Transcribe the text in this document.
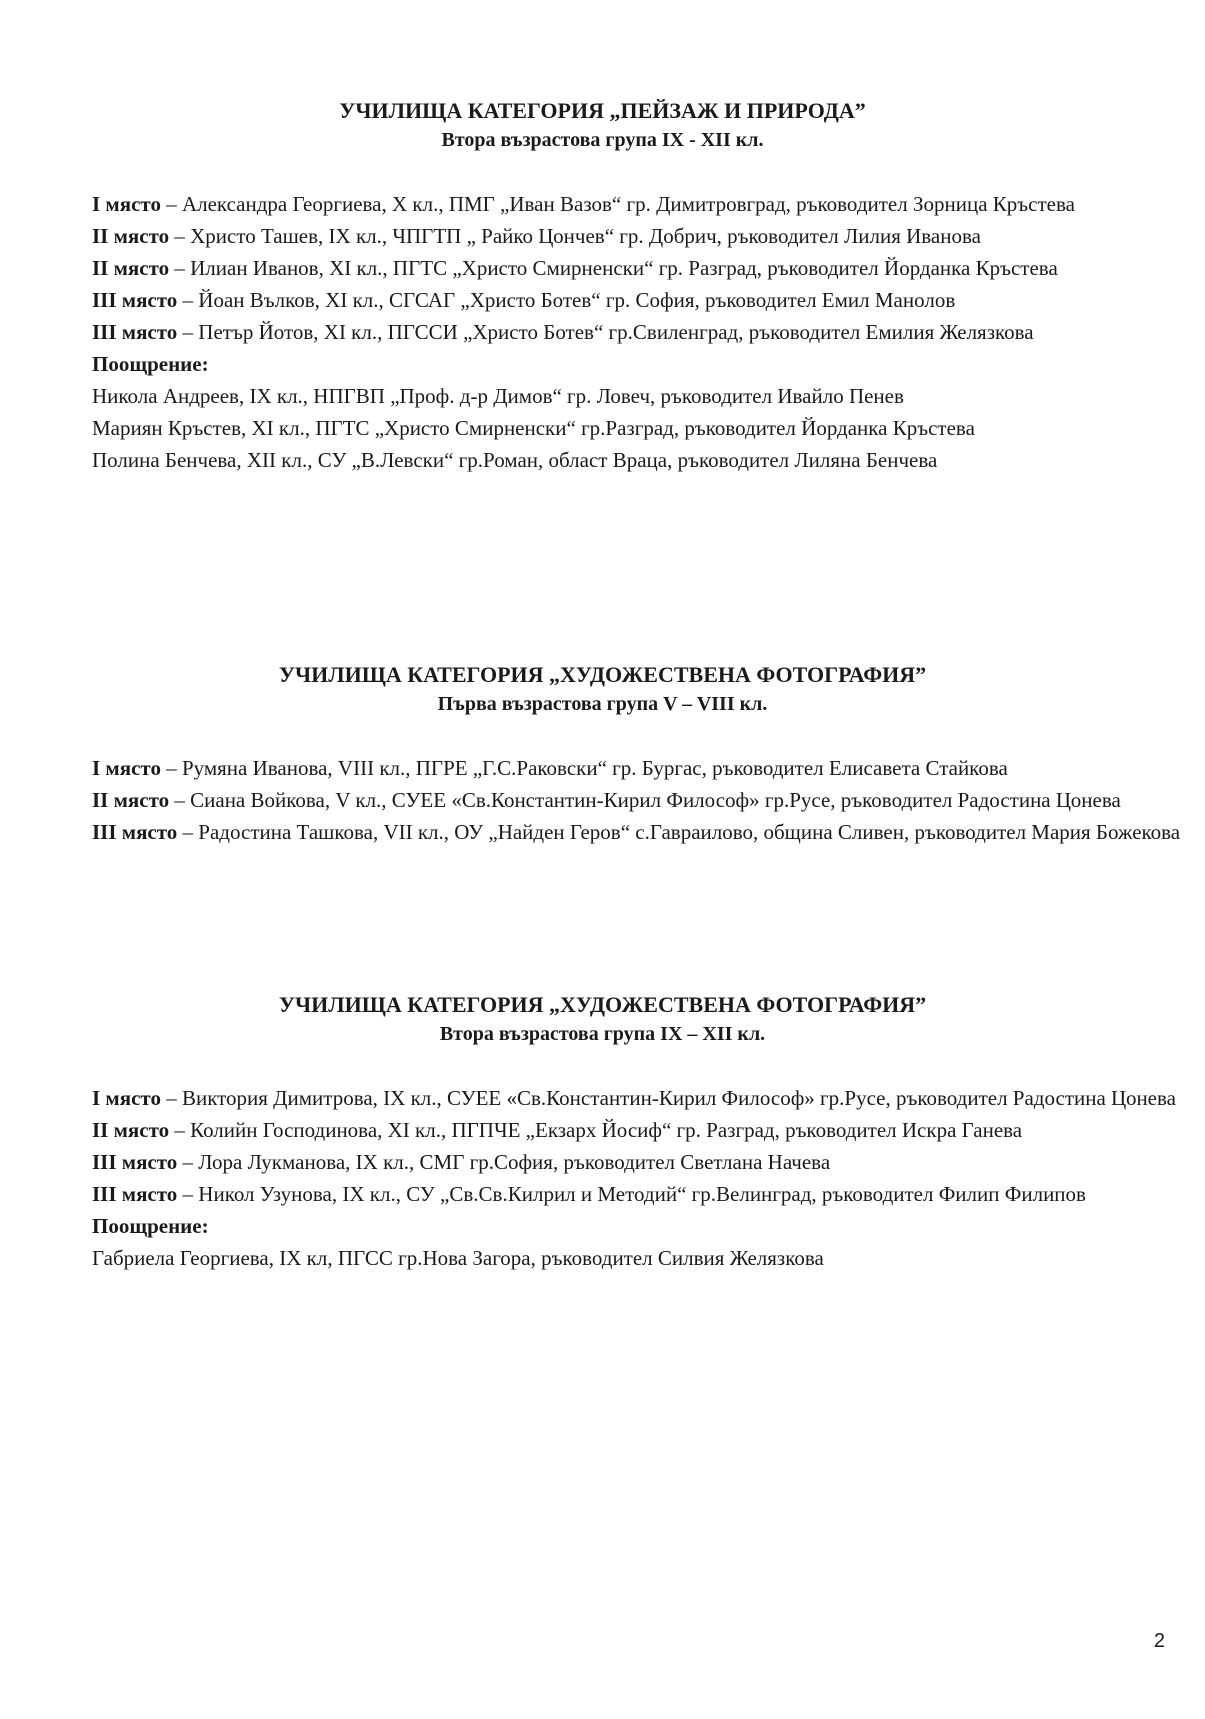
УЧИЛИЩА КАТЕГОРИЯ „ПЕЙЗАЖ И ПРИРОДА”
Втора възрастова група IX - XII кл.

I място – Александра Георгиева, X кл., ПМГ „Иван Вазов“ гр. Димитровград, ръководител Зорница Кръстева

II място – Христо Ташев, IX кл., ЧПГТП „ Райко Цончев“ гр. Добрич, ръководител Лилия Иванова

II място – Илиан Иванов, XI кл., ПГТС „Христо Смирненски“ гр. Разград, ръководител Йорданка Кръстева

III място – Йоан Вълков, XI кл., СГСАГ „Христо Ботев“ гр. София, ръководител Емил Манолов

III място – Петър Йотов, XI кл., ПГССИ „Христо Ботев“ гр.Свиленград, ръководител Емилия Желязкова

Поощрение:

Никола Андреев, IX кл., НПГВП „Проф. д-р Димов“ гр. Ловеч, ръководител Ивайло Пенев

Мариян Кръстев, XI кл., ПГТС „Христо Смирненски“ гр.Разград, ръководител Йорданка Кръстева

Полина Бенчева, XII кл., СУ „В.Левски“ гр.Роман, област Враца, ръководител Лиляна Бенчева

УЧИЛИЩА КАТЕГОРИЯ „ХУДОЖЕСТВЕНА ФОТОГРАФИЯ”
Първа възрастова група V – VIII кл.

I място – Румяна Иванова, VIII кл., ПГРЕ „Г.С.Раковски“ гр. Бургас, ръководител Елисавета Стайкова

II място – Сиана Войкова, V кл., СУЕЕ «Св.Константин-Кирил Философ» гр.Русе, ръководител Радостина Цонева

III място – Радостина Ташкова, VII кл., ОУ „Найден Геров“ с.Гавраилово, община Сливен, ръководител Мария Божекова

УЧИЛИЩА КАТЕГОРИЯ „ХУДОЖЕСТВЕНА ФОТОГРАФИЯ”
Втора възрастова група IX – XII кл.

I място – Виктория Димитрова, IX кл., СУЕЕ «Св.Константин-Кирил Философ» гр.Русе, ръководител Радостина Цонева

II място – Колийн Господинова, XI кл., ПГПЧЕ „Екзарх Йосиф“ гр. Разград, ръководител Искра Ганева

III място – Лора Лукманова, IX кл., СМГ гр.София, ръководител Светлана Начева

III място – Никол Узунова, IX кл., СУ „Св.Св.Килрил и Методий“ гр.Велинград, ръководител Филип Филипов

Поощрение:

Габриела Георгиева, IX кл, ПГСС гр.Нова Загора, ръководител Силвия Желязкова

2
